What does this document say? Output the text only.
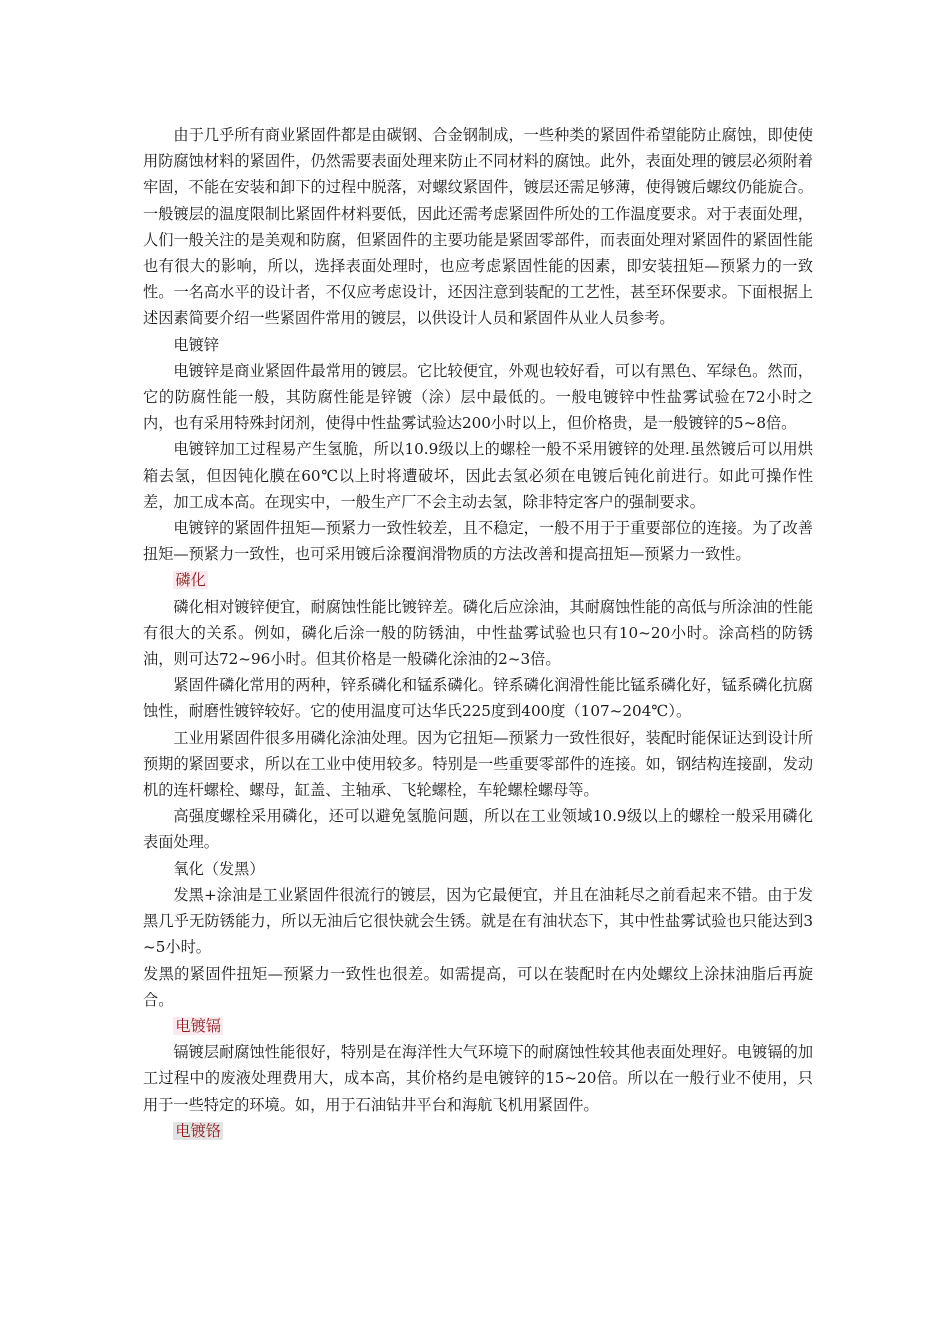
由于几乎所有商业紧固件都是由碳钢、合金钢制成，一些种类的紧固件希望能防止腐蚀，即使使用防腐蚀材料的紧固件，仍然需要表面处理来防止不同材料的腐蚀。此外，表面处理的镀层必须附着牢固，不能在安装和卸下的过程中脱落，对螺纹紧固件，镀层还需足够薄，使得镀后螺纹仍能旋合。一般镀层的温度限制比紧固件材料要低，因此还需考虑紧固件所处的工作温度要求。对于表面处理，人们一般关注的是美观和防腐，但紧固件的主要功能是紧固零部件，而表面处理对紧固件的紧固性能也有很大的影响，所以，选择表面处理时，也应考虑紧固性能的因素，即安装扭矩—预紧力的一致性。一名高水平的设计者，不仅应考虑设计，还因注意到装配的工艺性，甚至环保要求。下面根据上述因素简要介绍一些紧固件常用的镀层，以供设计人员和紧固件从业人员参考。

电镀锌

电镀锌是商业紧固件最常用的镀层。它比较便宜，外观也较好看，可以有黑色、军绿色。然而，它的防腐性能一般，其防腐性能是锌镀（涂）层中最低的。一般电镀锌中性盐雾试验在72小时之内，也有采用特殊封闭剂，使得中性盐雾试验达200小时以上，但价格贵，是一般镀锌的5~8倍。

电镀锌加工过程易产生氢脆，所以10.9级以上的螺栓一般不采用镀锌的处理.虽然镀后可以用烘箱去氢，但因钝化膜在60℃以上时将遭破坏，因此去氢必须在电镀后钝化前进行。如此可操作性差，加工成本高。在现实中，一般生产厂不会主动去氢，除非特定客户的强制要求。

电镀锌的紧固件扭矩—预紧力一致性较差，且不稳定，一般不用于于重要部位的连接。为了改善扭矩—预紧力一致性，也可采用镀后涂覆润滑物质的方法改善和提高扭矩—预紧力一致性。

磷化

磷化相对镀锌便宜，耐腐蚀性能比镀锌差。磷化后应涂油，其耐腐蚀性能的高低与所涂油的性能有很大的关系。例如，磷化后涂一般的防锈油，中性盐雾试验也只有10~20小时。涂高档的防锈油，则可达72~96小时。但其价格是一般磷化涂油的2~3倍。

紧固件磷化常用的两种，锌系磷化和锰系磷化。锌系磷化润滑性能比锰系磷化好，锰系磷化抗腐蚀性，耐磨性镀锌较好。它的使用温度可达华氏225度到400度（107~204℃）。

工业用紧固件很多用磷化涂油处理。因为它扭矩—预紧力一致性很好，装配时能保证达到设计所预期的紧固要求，所以在工业中使用较多。特别是一些重要零部件的连接。如，钢结构连接副，发动机的连杆螺栓、螺母，缸盖、主轴承、飞轮螺栓，车轮螺栓螺母等。

高强度螺栓采用磷化，还可以避免氢脆问题，所以在工业领域10.9级以上的螺栓一般采用磷化表面处理。

氧化（发黑）

发黑+涂油是工业紧固件很流行的镀层，因为它最便宜，并且在油耗尽之前看起来不错。由于发黑几乎无防锈能力，所以无油后它很快就会生锈。就是在有油状态下，其中性盐雾试验也只能达到3~5小时。

发黑的紧固件扭矩—预紧力一致性也很差。如需提高，可以在装配时在内处螺纹上涂抹油脂后再旋合。

电镀镉

镉镀层耐腐蚀性能很好，特别是在海洋性大气环境下的耐腐蚀性较其他表面处理好。电镀镉的加工过程中的废液处理费用大，成本高，其价格约是电镀锌的15~20倍。所以在一般行业不使用，只用于一些特定的环境。如，用于石油钻井平台和海航飞机用紧固件。

电镀铬
